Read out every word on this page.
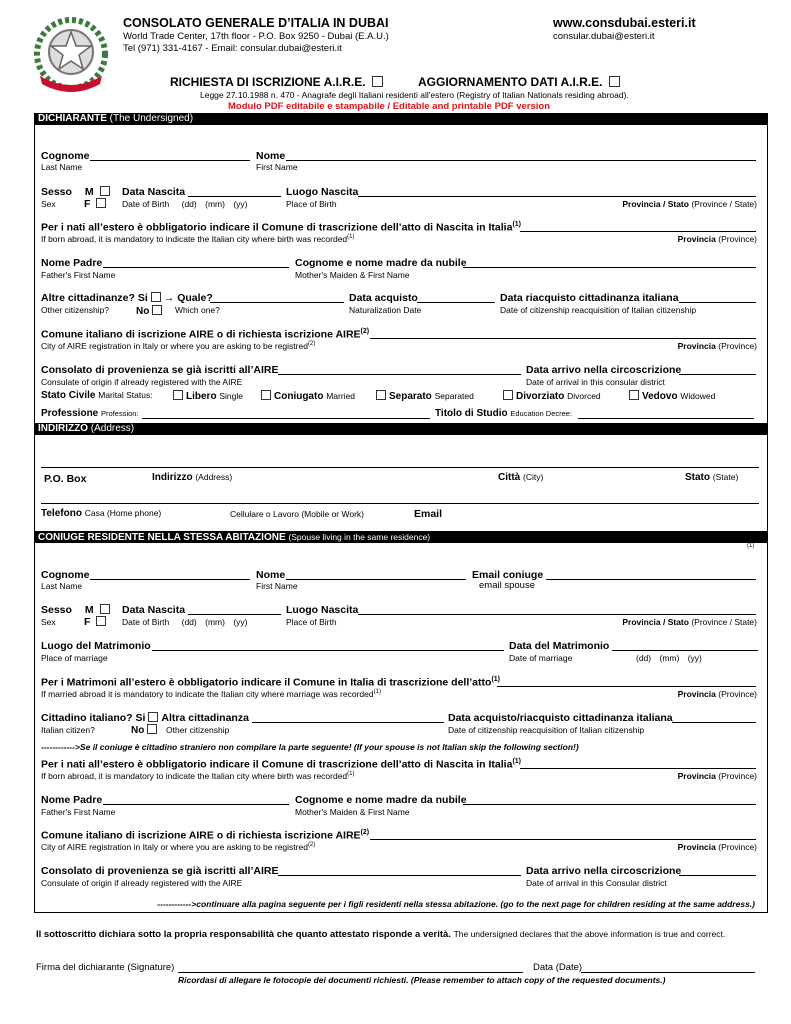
CONSOLATO GENERALE D’ITALIA IN DUBAI
World Trade Center, 17th floor - P.O. Box 9250 - Dubai (E.A.U.)
Tel (971) 331-4167 - Email: consular.dubai@esteri.it
www.consdubai.esteri.it
consular.dubai@esteri.it
RICHIESTA DI ISCRIZIONE A.I.R.E.	AGGIORNAMENTO DATI A.I.R.E.
Legge 27.10.1988 n. 470 - Anagrafe degli Italiani residenti all'estero (Registry of Italian Nationals residing abroad).
Modulo PDF editabile e stampabile / Editable and printable PDF version
DICHIARANTE (The Undersigned)
Cognome
Last Name
Nome
First Name
Sesso M
F
Sex
Data Nascita
Date of Birth (dd) (mm) (yy)
Luogo Nascita
Place of Birth	Provincia / Stato (Province / State)
Per i nati all’estero è obbligatorio indicare il Comune di trascrizione dell’atto di Nascita in Italia$^{(1)}$
If born abroad, it is mandatory to indicate the Italian city where birth was recorded$^{(1)}$	Provincia (Province)
Nome Padre
Father's First Name
Cognome e nome madre da nubile
Mother's Maiden & First Name
Altre cittadinanze? Si → Quale?
Other citizenship?	No	Which one?
Data acquisto
Naturalization Date
Data riacquisto cittadinanza italiana
Date of citizenship reacquisition of Italian citizenship
Comune italiano di iscrizione AIRE o di richiesta iscrizione AIRE$^{(2)}$
City of AIRE registration in Italy or where you are asking to be registred$^{(2)}$	Provincia (Province)
Consolato di provenienza se già iscritti all’AIRE
Consulate of origin if already registered with the AIRE
Data arrivo nella circoscrizione
Date of arrival in this consular district
Stato Civile Marital Status:	Libero Single	Coniugato Married	Separato Separated	Divorziato Divorced	Vedovo Widowed
Professione Profession:	Titolo di Studio Education Decree:
INDIRIZZO (Address)
P.O. Box	Indirizzo (Address)	Città (City)	Stato (State)
Telefono Casa (Home phone)	Cellulare o Lavoro (Mobile or Work)	Email
CONIUGE RESIDENTE NELLA STESSA ABITAZIONE (Spouse living in the same residence)
(1)
Cognome
Last Name
Nome
First Name
Email coniuge
email spouse
Sesso M
F
Sex
Data Nascita
Date of Birth (dd) (mm) (yy)
Luogo Nascita
Place of Birth	Provincia / Stato (Province / State)
Luogo del Matrimonio
Place of marriage
Data del Matrimonio
Date of marriage	(dd) (mm) (yy)
Per i Matrimoni all’estero è obbligatorio indicare il Comune in Italia di trascrizione dell’atto$^{(1)}$
If married abroad it is mandatory to indicate the Italian city where marriage was recorded$^{(1)}$	Provincia (Province)
Cittadino italiano? Si Altra cittadinanza
Italian citizen?	No	Other citizenship
Data acquisto/riacquisto cittadinanza italiana
Date of citizenship reacquisition of Italian citizenship
------------>Se il coniuge è cittadino straniero non compilare la parte seguente! (If your spouse is not Italian skip the following section!)
Per i nati all’estero è obbligatorio indicare il Comune di trascrizione dell’atto di Nascita in Italia$^{(1)}$
If born abroad, it is mandatory to indicate the Italian city where birth was recorded$^{(1)}$	Provincia (Province)
Nome Padre
Father's First Name
Cognome e nome madre da nubile
Mother's Maiden & First Name
Comune italiano di iscrizione AIRE o di richiesta iscrizione AIRE$^{(2)}$
City of AIRE registration in Italy or where you are asking to be registred$^{(2)}$	Provincia (Province)
Consolato di provenienza se già iscritti all’AIRE
Consulate of origin if already registered with the AIRE
Data arrivo nella circoscrizione
Date of arrival in this Consular district
------------>continuare alla pagina seguente per i figli residenti nella stessa abitazione. (go to the next page for children residing at the same address.)
Il sottoscritto dichiara sotto la propria responsabilità che quanto attestato risponde a verità. The undersigned declares that the above information is true and correct.
Firma del dichiarante (Signature)	Data (Date)
Ricordasi di allegare le fotocopie dei documenti richiesti. (Please remember to attach copy of the requested documents.)
